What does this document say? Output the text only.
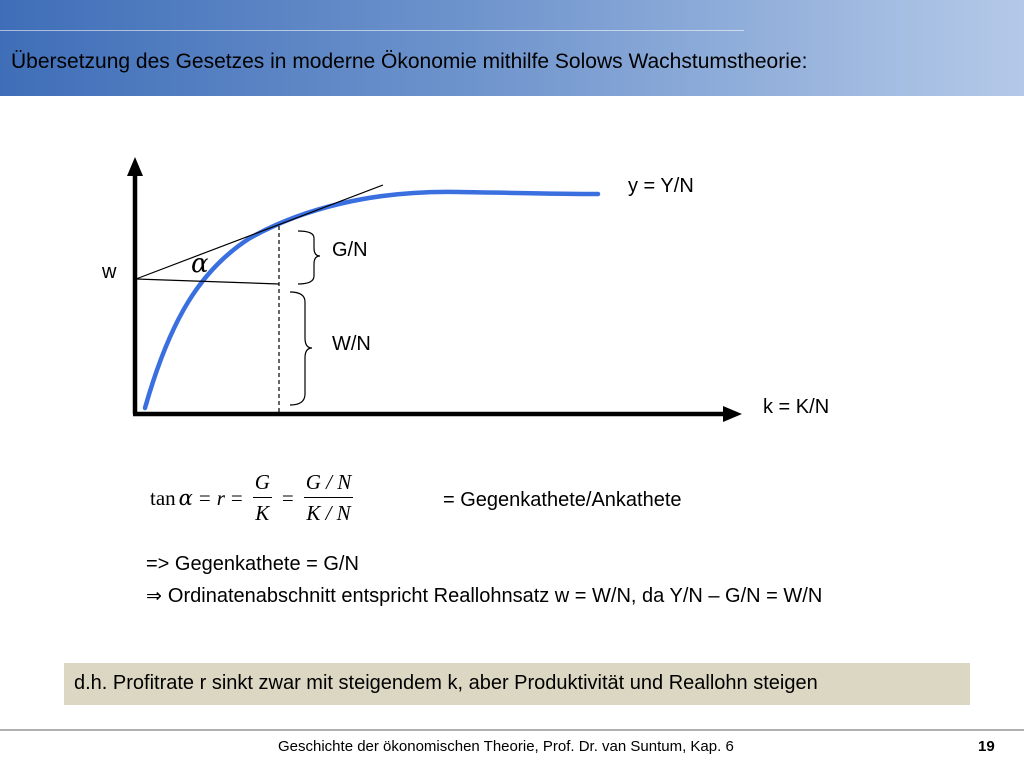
Übersetzung des Gesetzes in moderne Ökonomie mithilfe Solows Wachstumstheorie:
y = Y/N
k = K/N
w	α	G/N
W/N
$\tan \alpha = r = \frac{G}{K} = \frac{G / N}{K / N}$	= Gegenkathete/Ankathete
=> Gegenkathete = G/N
⇒ Ordinatenabschnitt entspricht Reallohnsatz w = W/N, da Y/N – G/N = W/N
d.h. Profitrate r sinkt zwar mit steigendem k, aber Produktivität und Reallohn steigen
Geschichte der ökonomischen Theorie, Prof. Dr. van Suntum, Kap. 6	19
